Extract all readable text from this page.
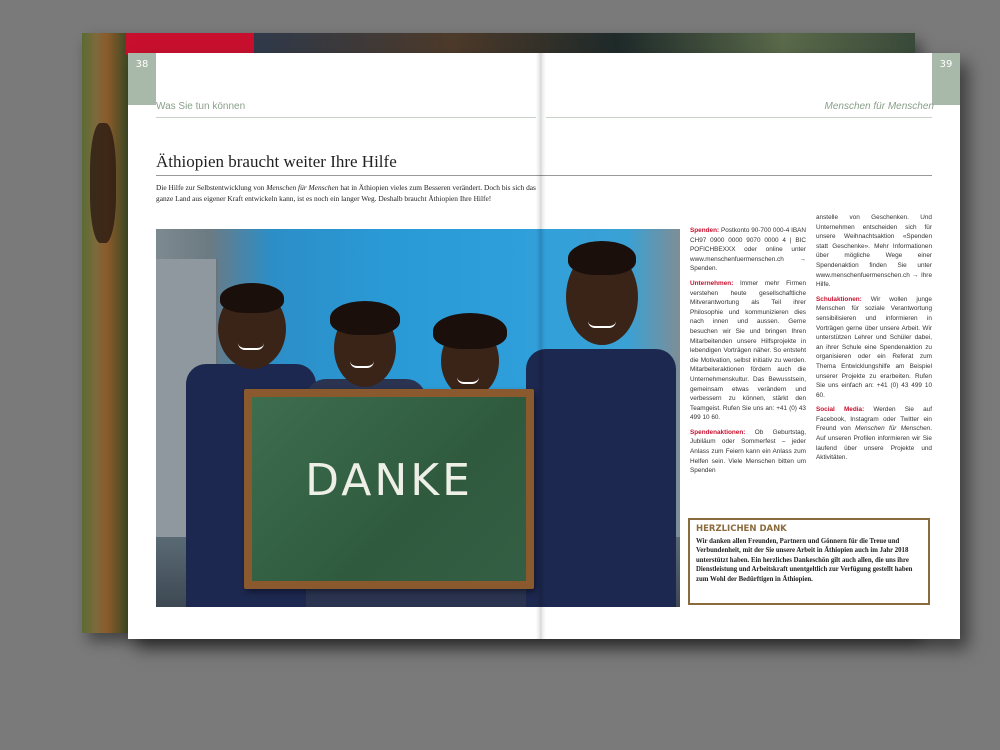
38	39
Was Sie tun können	Menschen für Menschen
Äthiopien braucht weiter Ihre Hilfe
Die Hilfe zur Selbstentwicklung von Menschen für Menschen hat in Äthiopien vieles zum Besseren verändert. Doch bis sich das ganze Land aus eigener Kraft entwickeln kann, ist es noch ein langer Weg. Deshalb braucht Äthiopien Ihre Hilfe!
DANKE
Spenden: Postkonto 90-700 000-4 IBAN CH97 0900 0000 9070 0000 4 | BIC POFICHBEXXX oder online unter www.menschenfuermenschen.ch → Spenden.
Unternehmen: Immer mehr Firmen verstehen heute gesellschaftliche Mitverantwortung als Teil ihrer Philosophie und kommunizieren dies nach innen und aussen. Gerne besuchen wir Sie und bringen Ihren Mitarbeitenden unsere Hilfsprojekte in lebendigen Vorträgen näher. So entsteht die Motivation, selbst initiativ zu werden. Mitarbeiteraktionen fördern auch die Unternehmenskultur. Das Bewusstsein, gemeinsam etwas verändern und verbessern zu können, stärkt den Teamgeist. Rufen Sie uns an: +41 (0) 43 499 10 60.
Spendenaktionen: Ob Geburtstag, Jubiläum oder Sommerfest – jeder Anlass zum Feiern kann ein Anlass zum Helfen sein. Viele Menschen bitten um Spenden
anstelle von Geschenken. Und Unternehmen entscheiden sich für unsere Weihnachtsaktion «Spenden statt Geschenke». Mehr Informationen über mögliche Wege einer Spendenaktion finden Sie unter www.menschenfuermenschen.ch → Ihre Hilfe.
Schulaktionen: Wir wollen junge Menschen für soziale Verantwortung sensibilisieren und informieren in Vorträgen gerne über unsere Arbeit. Wir unterstützen Lehrer und Schüler dabei, an ihrer Schule eine Spendenaktion zu organisieren oder ein Referat zum Thema Entwicklungshilfe am Beispiel unserer Projekte zu erarbeiten. Rufen Sie uns einfach an: +41 (0) 43 499 10 60.
Social Media: Werden Sie auf Facebook, Instagram oder Twitter ein Freund von Menschen für Menschen. Auf unseren Profilen informieren wir Sie laufend über unsere Projekte und Aktivitäten.
HERZLICHEN DANK
Wir danken allen Freunden, Partnern und Gönnern für die Treue und Verbundenheit, mit der Sie unsere Arbeit in Äthiopien auch im Jahr 2018 unterstützt haben. Ein herzliches Dankeschön gilt auch allen, die uns ihre Dienstleistung und Arbeitskraft unentgeltlich zur Verfügung gestellt haben zum Wohl der Bedürftigen in Äthiopien.
